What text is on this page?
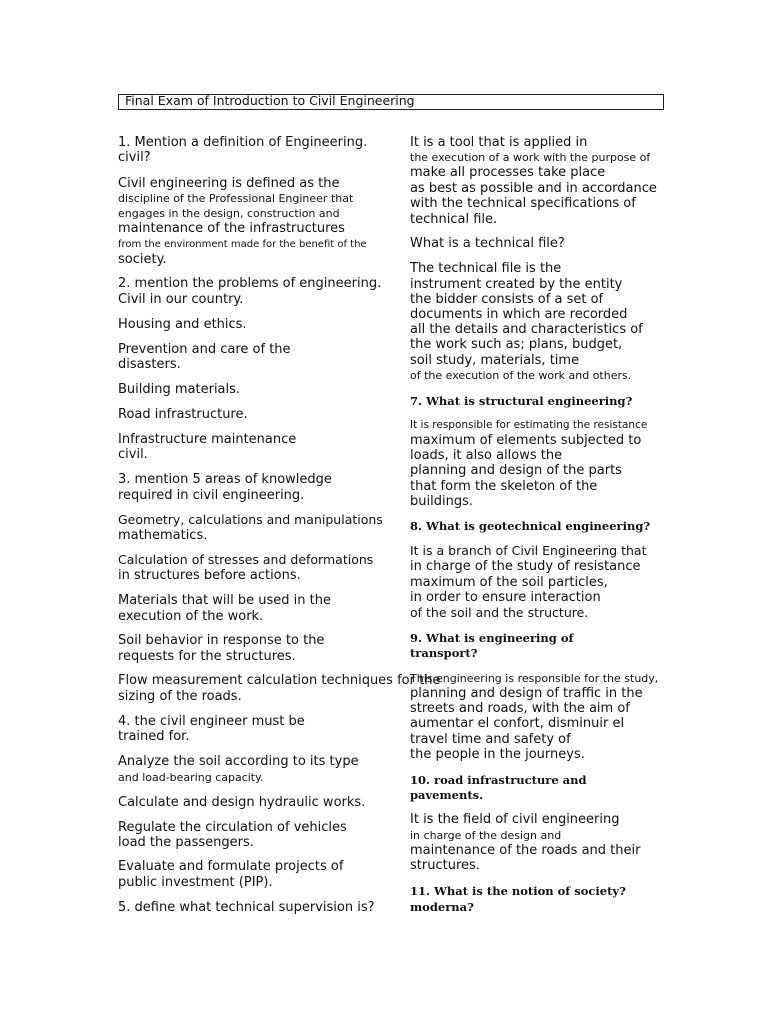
Final Exam of Introduction to Civil Engineering
1. Mention a definition of Engineering.
civil?
Civil engineering is defined as the
discipline of the Professional Engineer that
engages in the design, construction and
maintenance of the infrastructures
from the environment made for the benefit of the
society.
2. mention the problems of engineering.
Civil in our country.
Housing and ethics.
Prevention and care of the
disasters.
Building materials.
Road infrastructure.
Infrastructure maintenance
civil.
3. mention 5 areas of knowledge
required in civil engineering.
Geometry, calculations and manipulations
mathematics.
Calculation of stresses and deformations
in structures before actions.
Materials that will be used in the
execution of the work.
Soil behavior in response to the
requests for the structures.
Flow measurement calculation techniques for the
sizing of the roads.
4. the civil engineer must be
trained for.
Analyze the soil according to its type
and load-bearing capacity.
Calculate and design hydraulic works.
Regulate the circulation of vehicles
load the passengers.
Evaluate and formulate projects of
public investment (PIP).
5. define what technical supervision is?
It is a tool that is applied in
the execution of a work with the purpose of
make all processes take place
as best as possible and in accordance
with the technical specifications of
technical file.
What is a technical file?
The technical file is the
instrument created by the entity
the bidder consists of a set of
documents in which are recorded
all the details and characteristics of
the work such as; plans, budget,
soil study, materials, time
of the execution of the work and others.
7. What is structural engineering?
It is responsible for estimating the resistance
maximum of elements subjected to
loads, it also allows the
planning and design of the parts
that form the skeleton of the
buildings.
8. What is geotechnical engineering?
It is a branch of Civil Engineering that
in charge of the study of resistance
maximum of the soil particles,
in order to ensure interaction
of the soil and the structure.
9. What is engineering of
transport?
This engineering is responsible for the study,
planning and design of traffic in the
streets and roads, with the aim of
aumentar el confort, disminuir el
travel time and safety of
the people in the journeys.
10. road infrastructure and
pavements.
It is the field of civil engineering
in charge of the design and
maintenance of the roads and their
structures.
11. What is the notion of society?
moderna?
